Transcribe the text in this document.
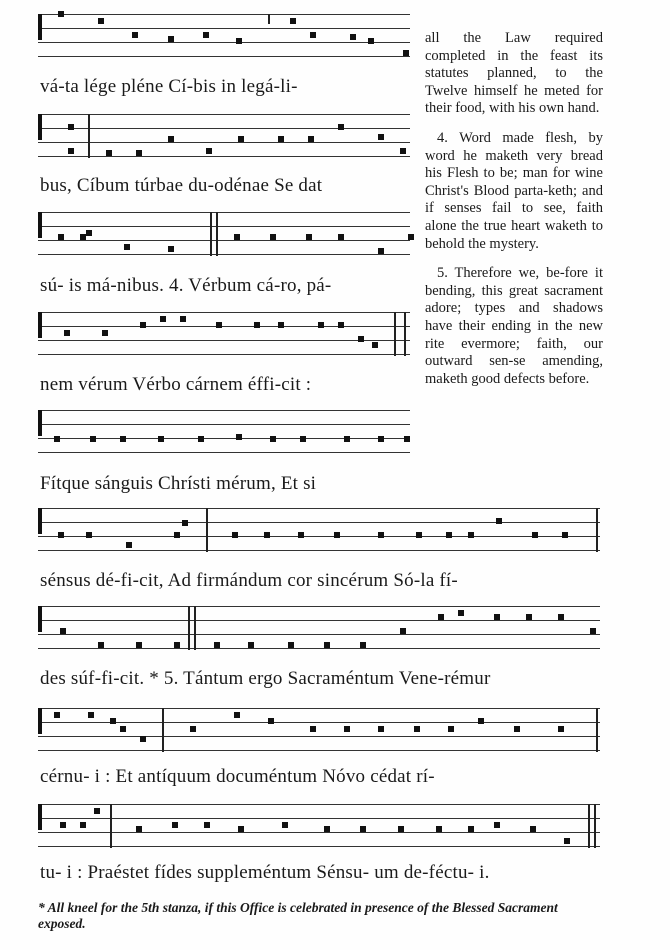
vá-ta lége pléne Cí-bis in legá-li-
bus, Cíbum túrbae du-odénae Se dat
sú- is má-nibus. 4. Vérbum cá-ro, pá-
nem vérum Vérbo cárnem éffi-cit :
Fítque sánguis Chrísti mérum, Et si
sénsus dé-fi-cit, Ad firmándum cor sincérum Só-la fí-
des súf-fi-cit. * 5. Tántum ergo Sacraméntum Vene-rémur
cérnu- i : Et antíquum documéntum Nóvo cédat rí-
tu- i : Praéstet fídes suppleméntum Sénsu- um de-féctu- i.

all the Law required completed in the feast its statutes planned, to the Twelve himself he meted for their food, with his own hand.

4. Word made flesh, by word he maketh very bread his Flesh to be; man for wine Christ's Blood parta-keth; and if senses fail to see, faith alone the true heart waketh to behold the mystery.

5. Therefore we, be-fore it bending, this great sacrament adore; types and shadows have their ending in the new rite evermore; faith, our outward sen-se amending, maketh good defects before.

* All kneel for the 5th stanza, if this Office is celebrated in presence of the Blessed Sacrament exposed.
